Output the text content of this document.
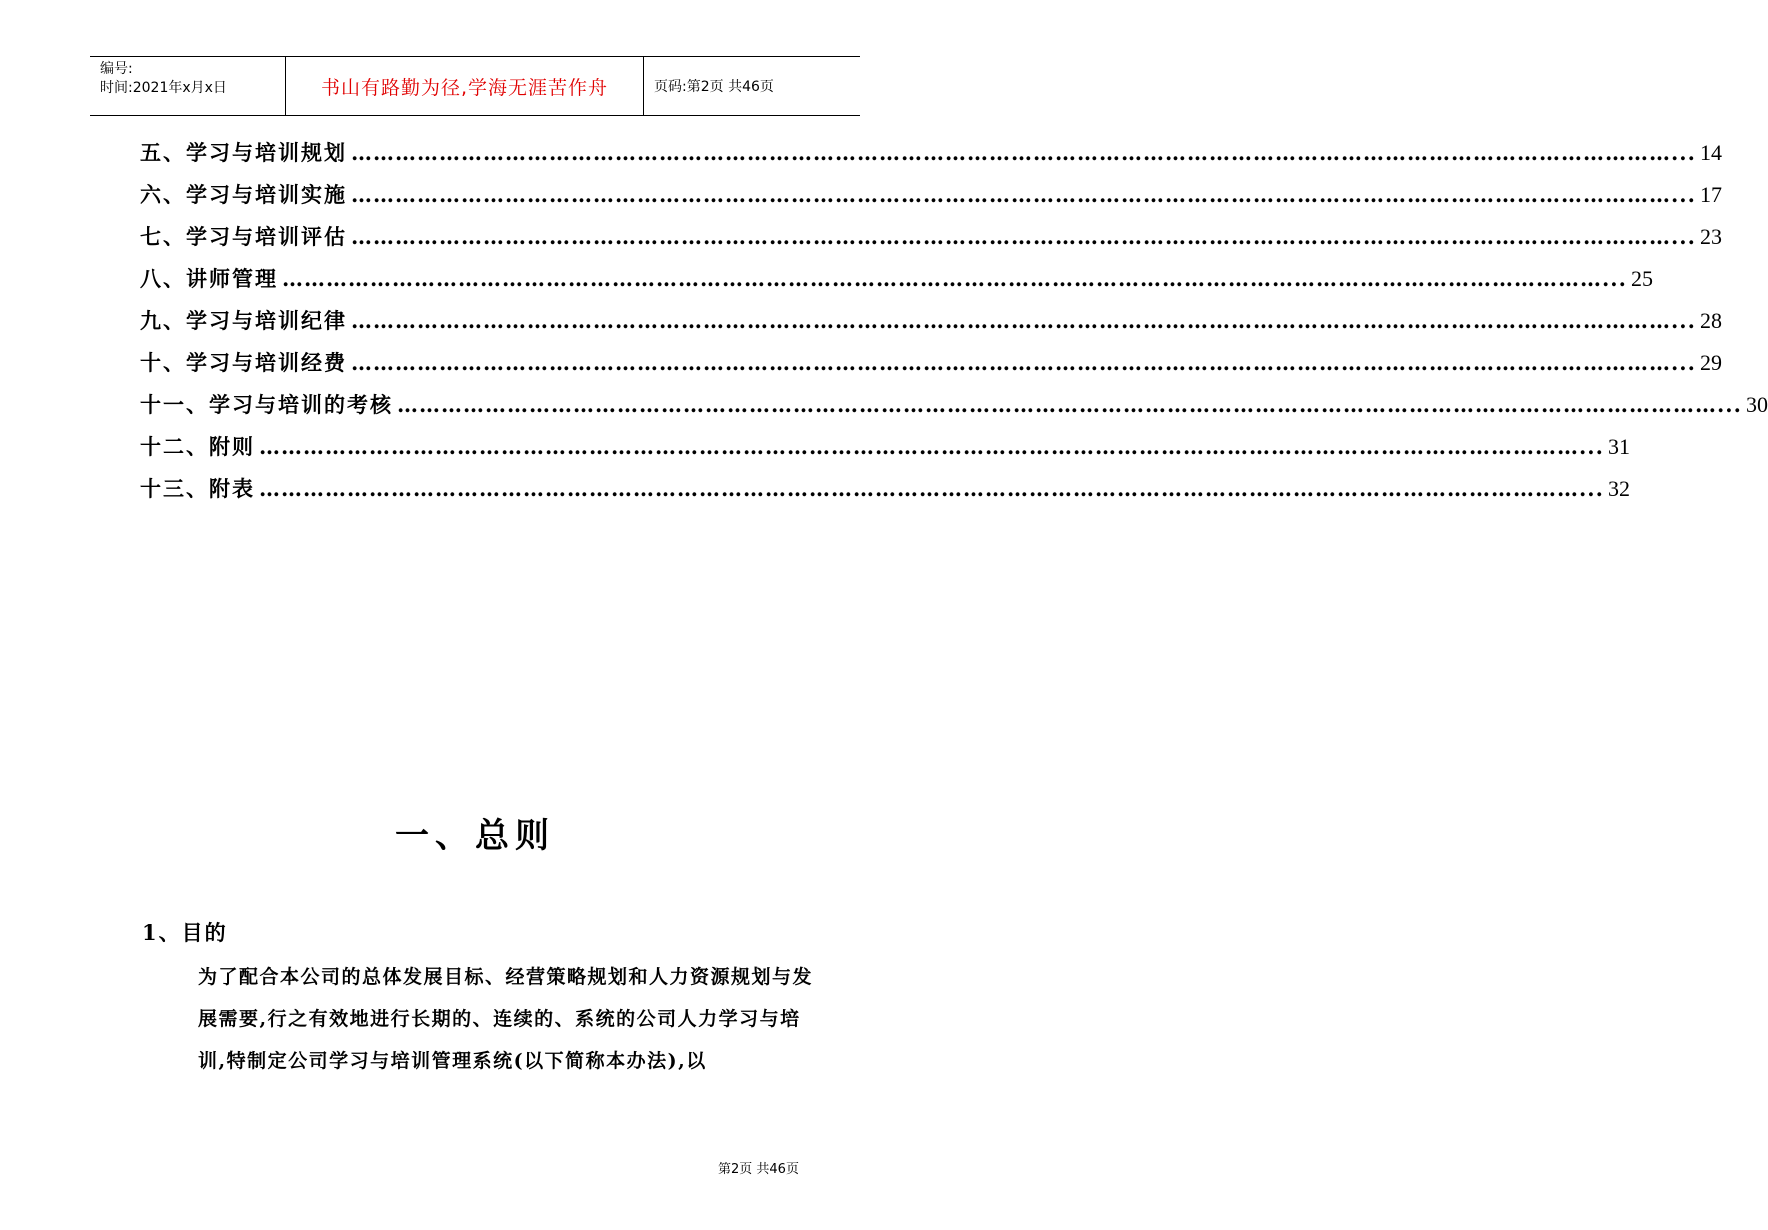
编号:
时间:2021年x月x日	书山有路勤为径,学海无涯苦作舟	页码:第2页 共46页
五、学习与培训规划 ………………………………………………………………………………………………………………………………………………………………... 14
六、学习与培训实施 ………………………………………………………………………………………………………………………………………………………………... 17
七、学习与培训评估 ………………………………………………………………………………………………………………………………………………………………... 23
八、讲师管理 ………………………………………………………………………………………………………………………………………………………………... 25
九、学习与培训纪律 ………………………………………………………………………………………………………………………………………………………………... 28
十、学习与培训经费 ………………………………………………………………………………………………………………………………………………………………... 29
十一、学习与培训的考核 ………………………………………………………………………………………………………………………………………………………………... 30
十二、附则 ………………………………………………………………………………………………………………………………………………………………... 31
十三、附表 ………………………………………………………………………………………………………………………………………………………………... 32
一、总则
1、目的
为了配合本公司的总体发展目标、经营策略规划和人力资源规划与发展需要,行之有效地进行长期的、连续的、系统的公司人力学习与培训,特制定公司学习与培训管理系统(以下简称本办法),以
第2页 共46页
